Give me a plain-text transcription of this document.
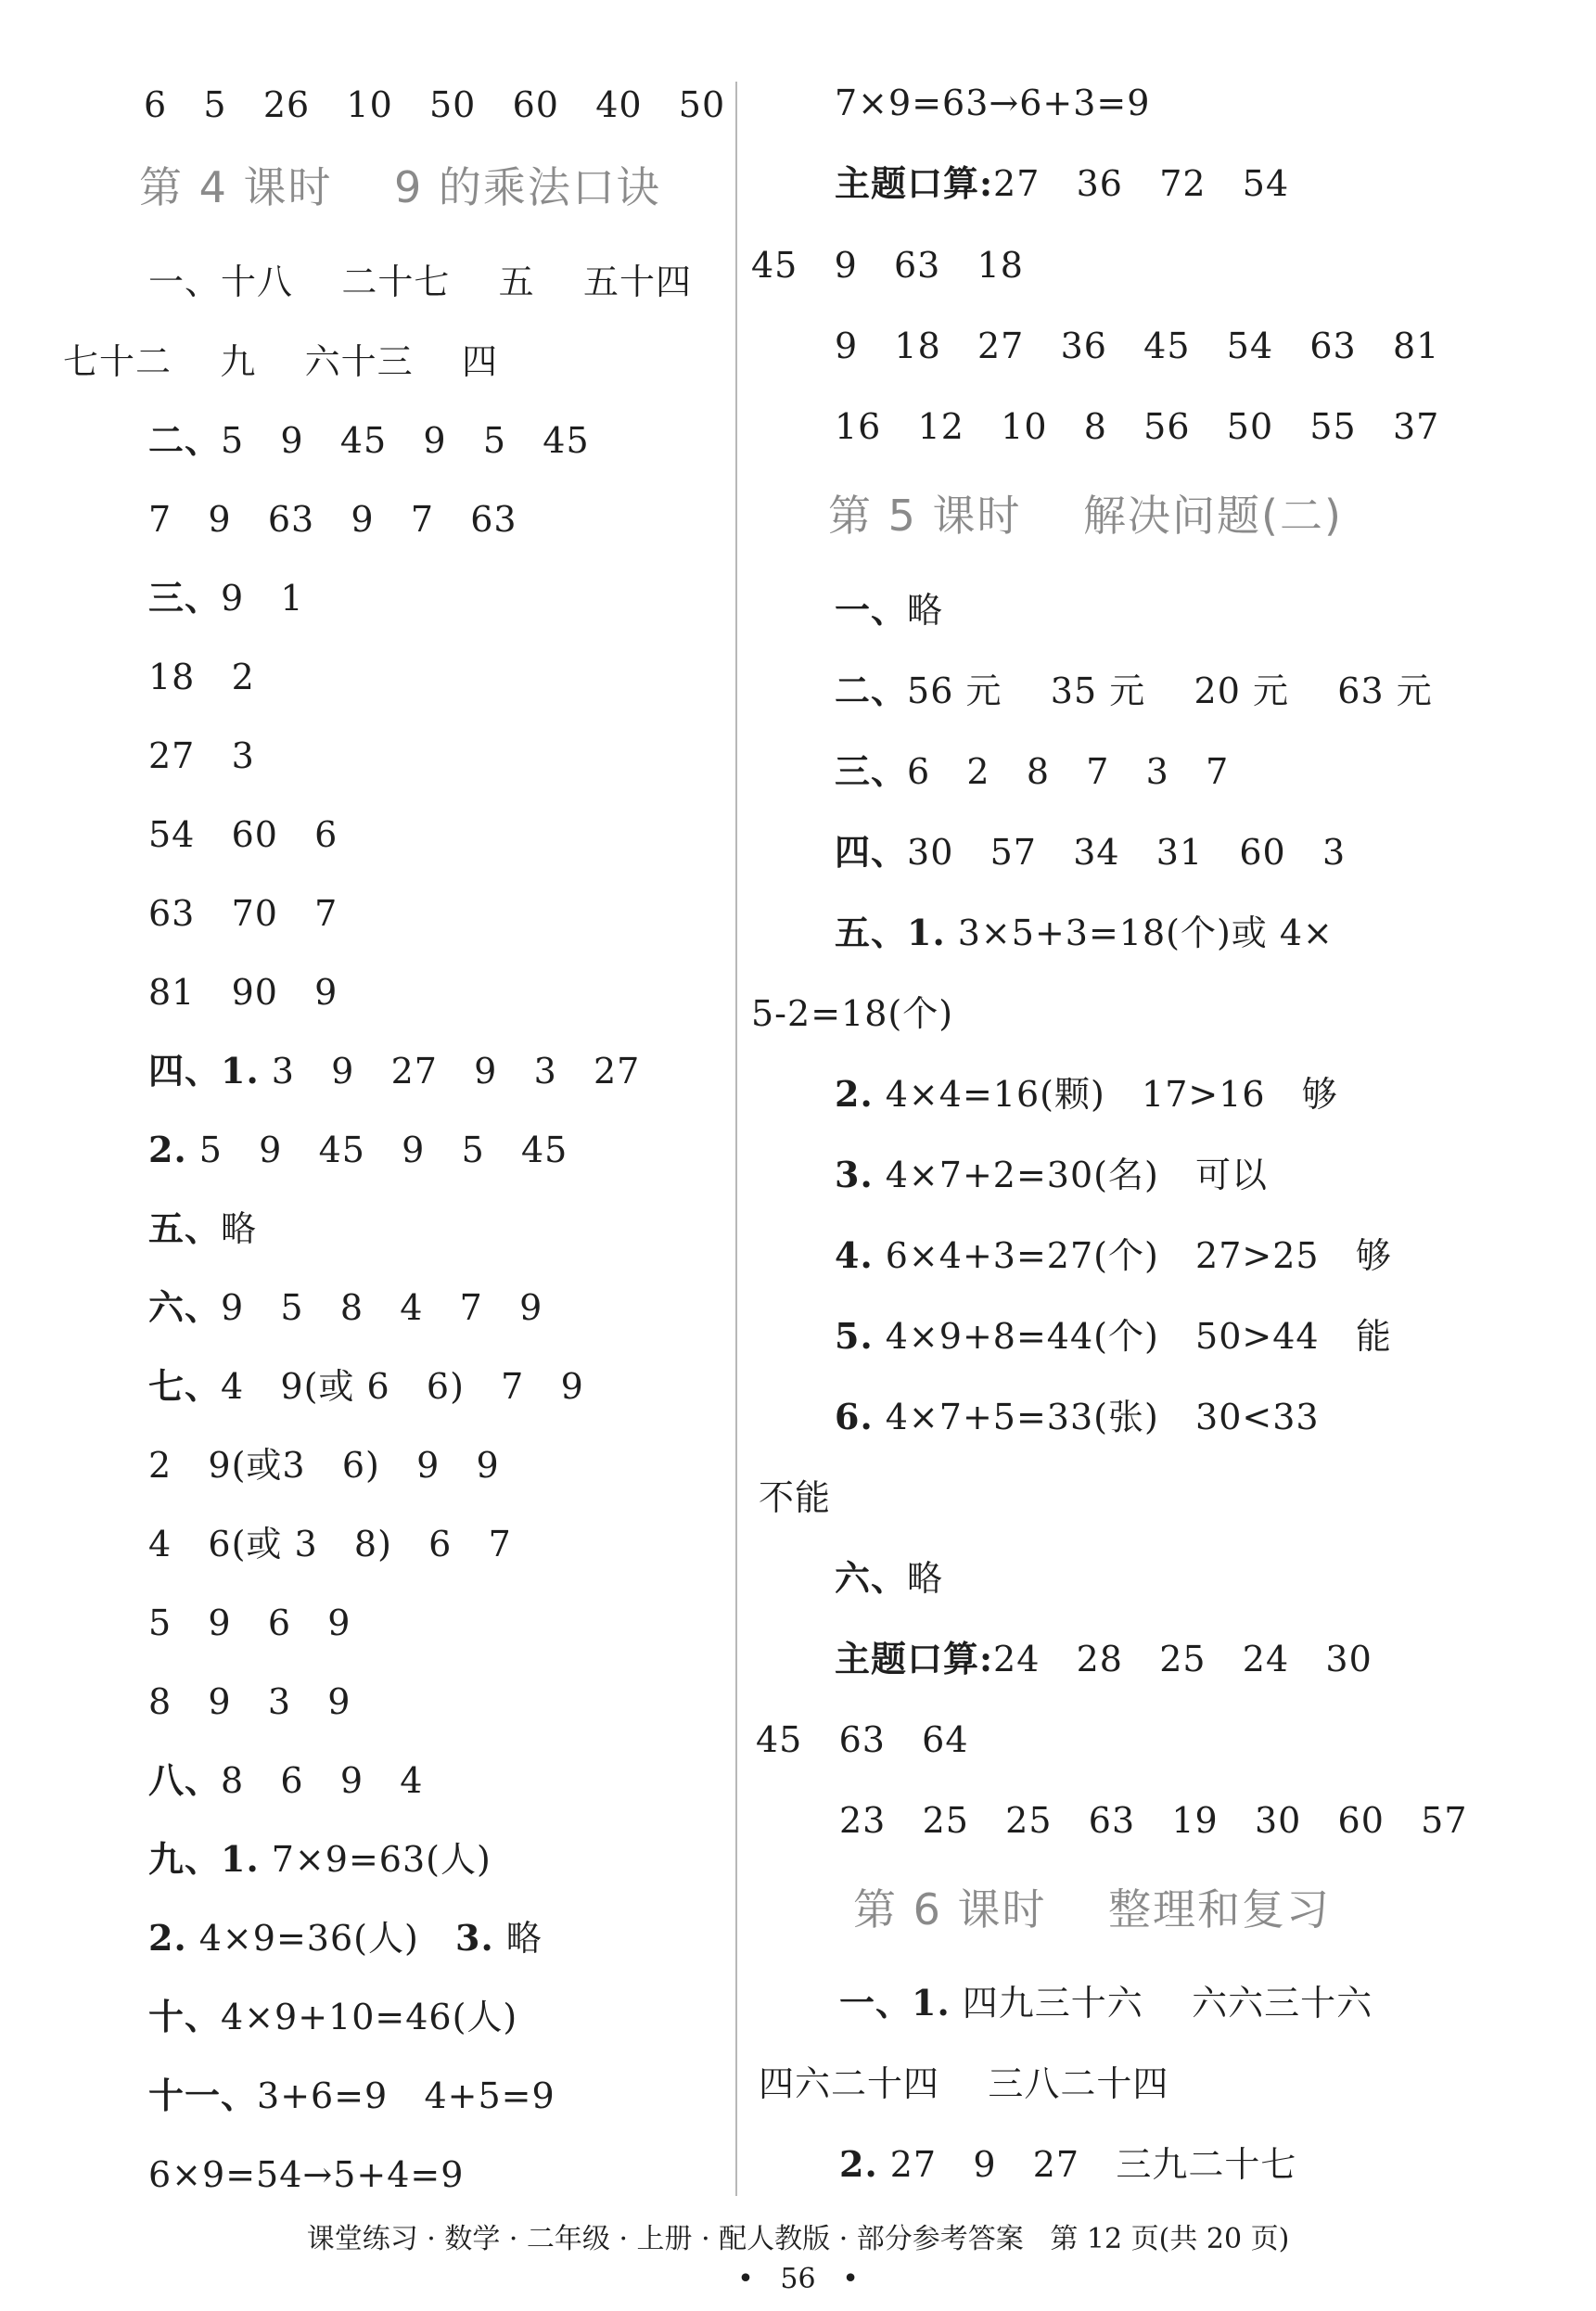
6   5   26   10   50   60   40   50
第 4 课时    9 的乘法口诀
一、十八    二十七    五    五十四
七十二    九    六十三    四
二、5   9   45   9   5   45
7   9   63   9   7   63
三、9   1
18   2
27   3
54   60   6
63   70   7
81   90   9
四、1. 3   9   27   9   3   27
2. 5   9   45   9   5   45
五、略
六、9   5   8   4   7   9
七、4   9(或 6   6)   7   9
2   9(或3   6)   9   9
4   6(或 3   8)   6   7
5   9   6   9
8   9   3   9
八、8   6   9   4
九、1. 7×9=63(人)
2. 4×9=36(人)   3. 略
十、4×9+10=46(人)
十一、3+6=9   4+5=9
6×9=54→5+4=9
7×9=63→6+3=9
主题口算:27   36   72   54
45   9   63   18
9   18   27   36   45   54   63   81
16   12   10   8   56   50   55   37
第 5 课时    解决问题(二)
一、略
二、56 元    35 元    20 元    63 元
三、6   2   8   7   3   7
四、30   57   34   31   60   3
五、1. 3×5+3=18(个)或 4×
5-2=18(个)
2. 4×4=16(颗)   17>16   够
3. 4×7+2=30(名)   可以
4. 6×4+3=27(个)   27>25   够
5. 4×9+8=44(个)   50>44   能
6. 4×7+5=33(张)   30<33
不能
六、略
主题口算:24   28   25   24   30
45   63   64
23   25   25   63   19   30   60   57
第 6 课时    整理和复习
一、1. 四九三十六    六六三十六
四六二十四    三八二十四
2. 27   9   27   三九二十七
课堂练习 · 数学 · 二年级 · 上册 · 配人教版 · 部分参考答案   第 12 页(共 20 页)
•   56   •
